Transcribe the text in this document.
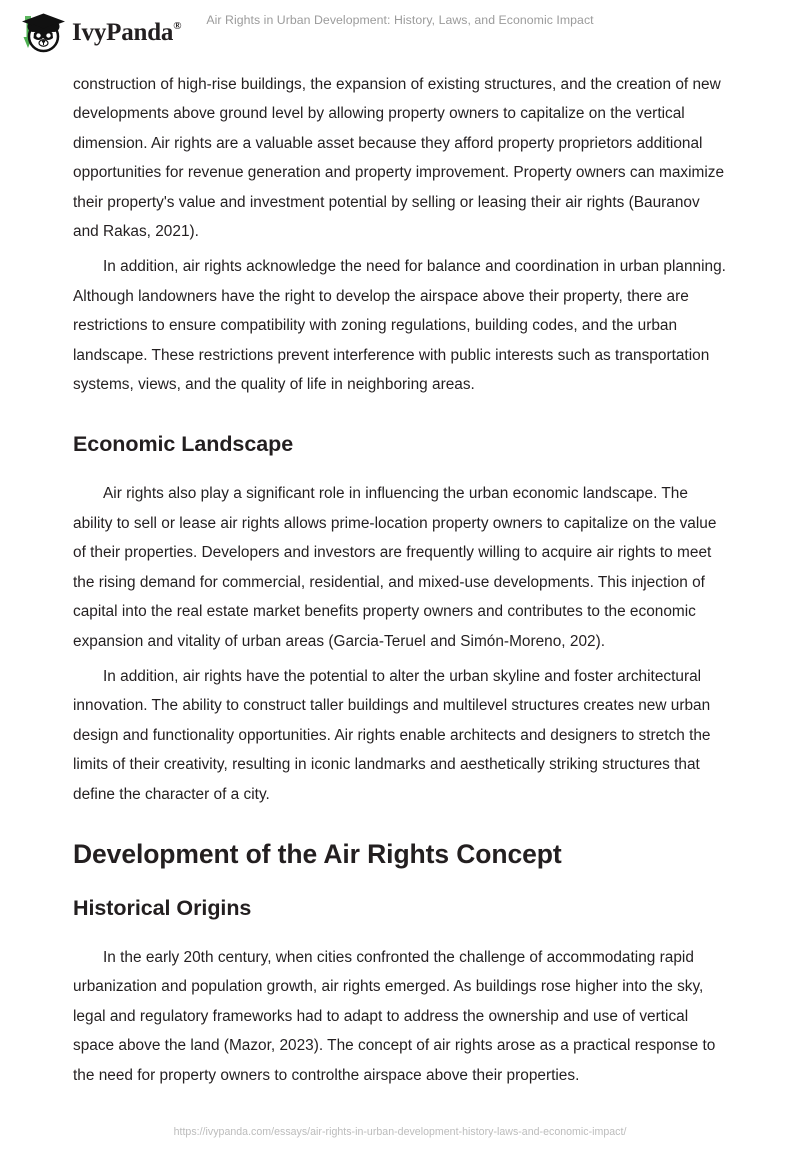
IvyPanda®	Air Rights in Urban Development: History, Laws, and Economic Impact

construction of high-rise buildings, the expansion of existing structures, and the creation of new developments above ground level by allowing property owners to capitalize on the vertical dimension. Air rights are a valuable asset because they afford property proprietors additional opportunities for revenue generation and property improvement. Property owners can maximize their property's value and investment potential by selling or leasing their air rights (Bauranov and Rakas, 2021).

In addition, air rights acknowledge the need for balance and coordination in urban planning. Although landowners have the right to develop the airspace above their property, there are restrictions to ensure compatibility with zoning regulations, building codes, and the urban landscape. These restrictions prevent interference with public interests such as transportation systems, views, and the quality of life in neighboring areas.

Economic Landscape

Air rights also play a significant role in influencing the urban economic landscape. The ability to sell or lease air rights allows prime-location property owners to capitalize on the value of their properties. Developers and investors are frequently willing to acquire air rights to meet the rising demand for commercial, residential, and mixed-use developments. This injection of capital into the real estate market benefits property owners and contributes to the economic expansion and vitality of urban areas (Garcia-Teruel and Simón-Moreno, 202).

In addition, air rights have the potential to alter the urban skyline and foster architectural innovation. The ability to construct taller buildings and multilevel structures creates new urban design and functionality opportunities. Air rights enable architects and designers to stretch the limits of their creativity, resulting in iconic landmarks and aesthetically striking structures that define the character of a city.

Development of the Air Rights Concept
Historical Origins

In the early 20th century, when cities confronted the challenge of accommodating rapid urbanization and population growth, air rights emerged. As buildings rose higher into the sky, legal and regulatory frameworks had to adapt to address the ownership and use of vertical space above the land (Mazor, 2023). The concept of air rights arose as a practical response to the need for property owners to controlthe airspace above their properties.

https://ivypanda.com/essays/air-rights-in-urban-development-history-laws-and-economic-impact/
